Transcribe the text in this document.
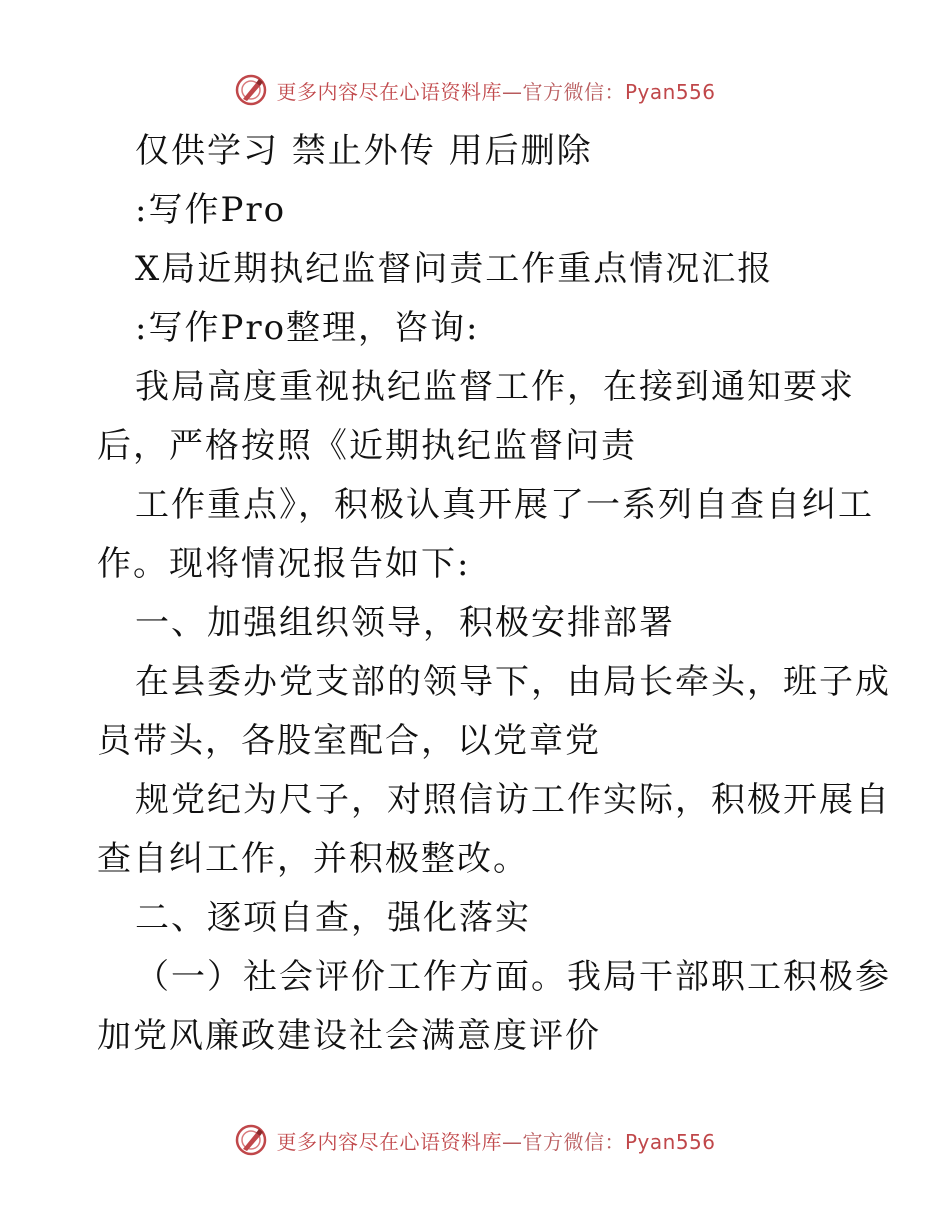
更多内容尽在心语资料库—官方微信：Pyan556
仅供学习 禁止外传 用后删除
:写作Pro
X局近期执纪监督问责工作重点情况汇报
:写作Pro整理，咨询:
我局高度重视执纪监督工作，在接到通知要求
后，严格按照《近期执纪监督问责
工作重点》，积极认真开展了一系列自查自纠工
作。现将情况报告如下:
一、加强组织领导，积极安排部署
在县委办党支部的领导下，由局长牵头，班子成
员带头，各股室配合，以党章党
规党纪为尺子，对照信访工作实际，积极开展自
查自纠工作，并积极整改。
二、逐项自查，强化落实
（一）社会评价工作方面。我局干部职工积极参
加党风廉政建设社会满意度评价
更多内容尽在心语资料库—官方微信：Pyan556
